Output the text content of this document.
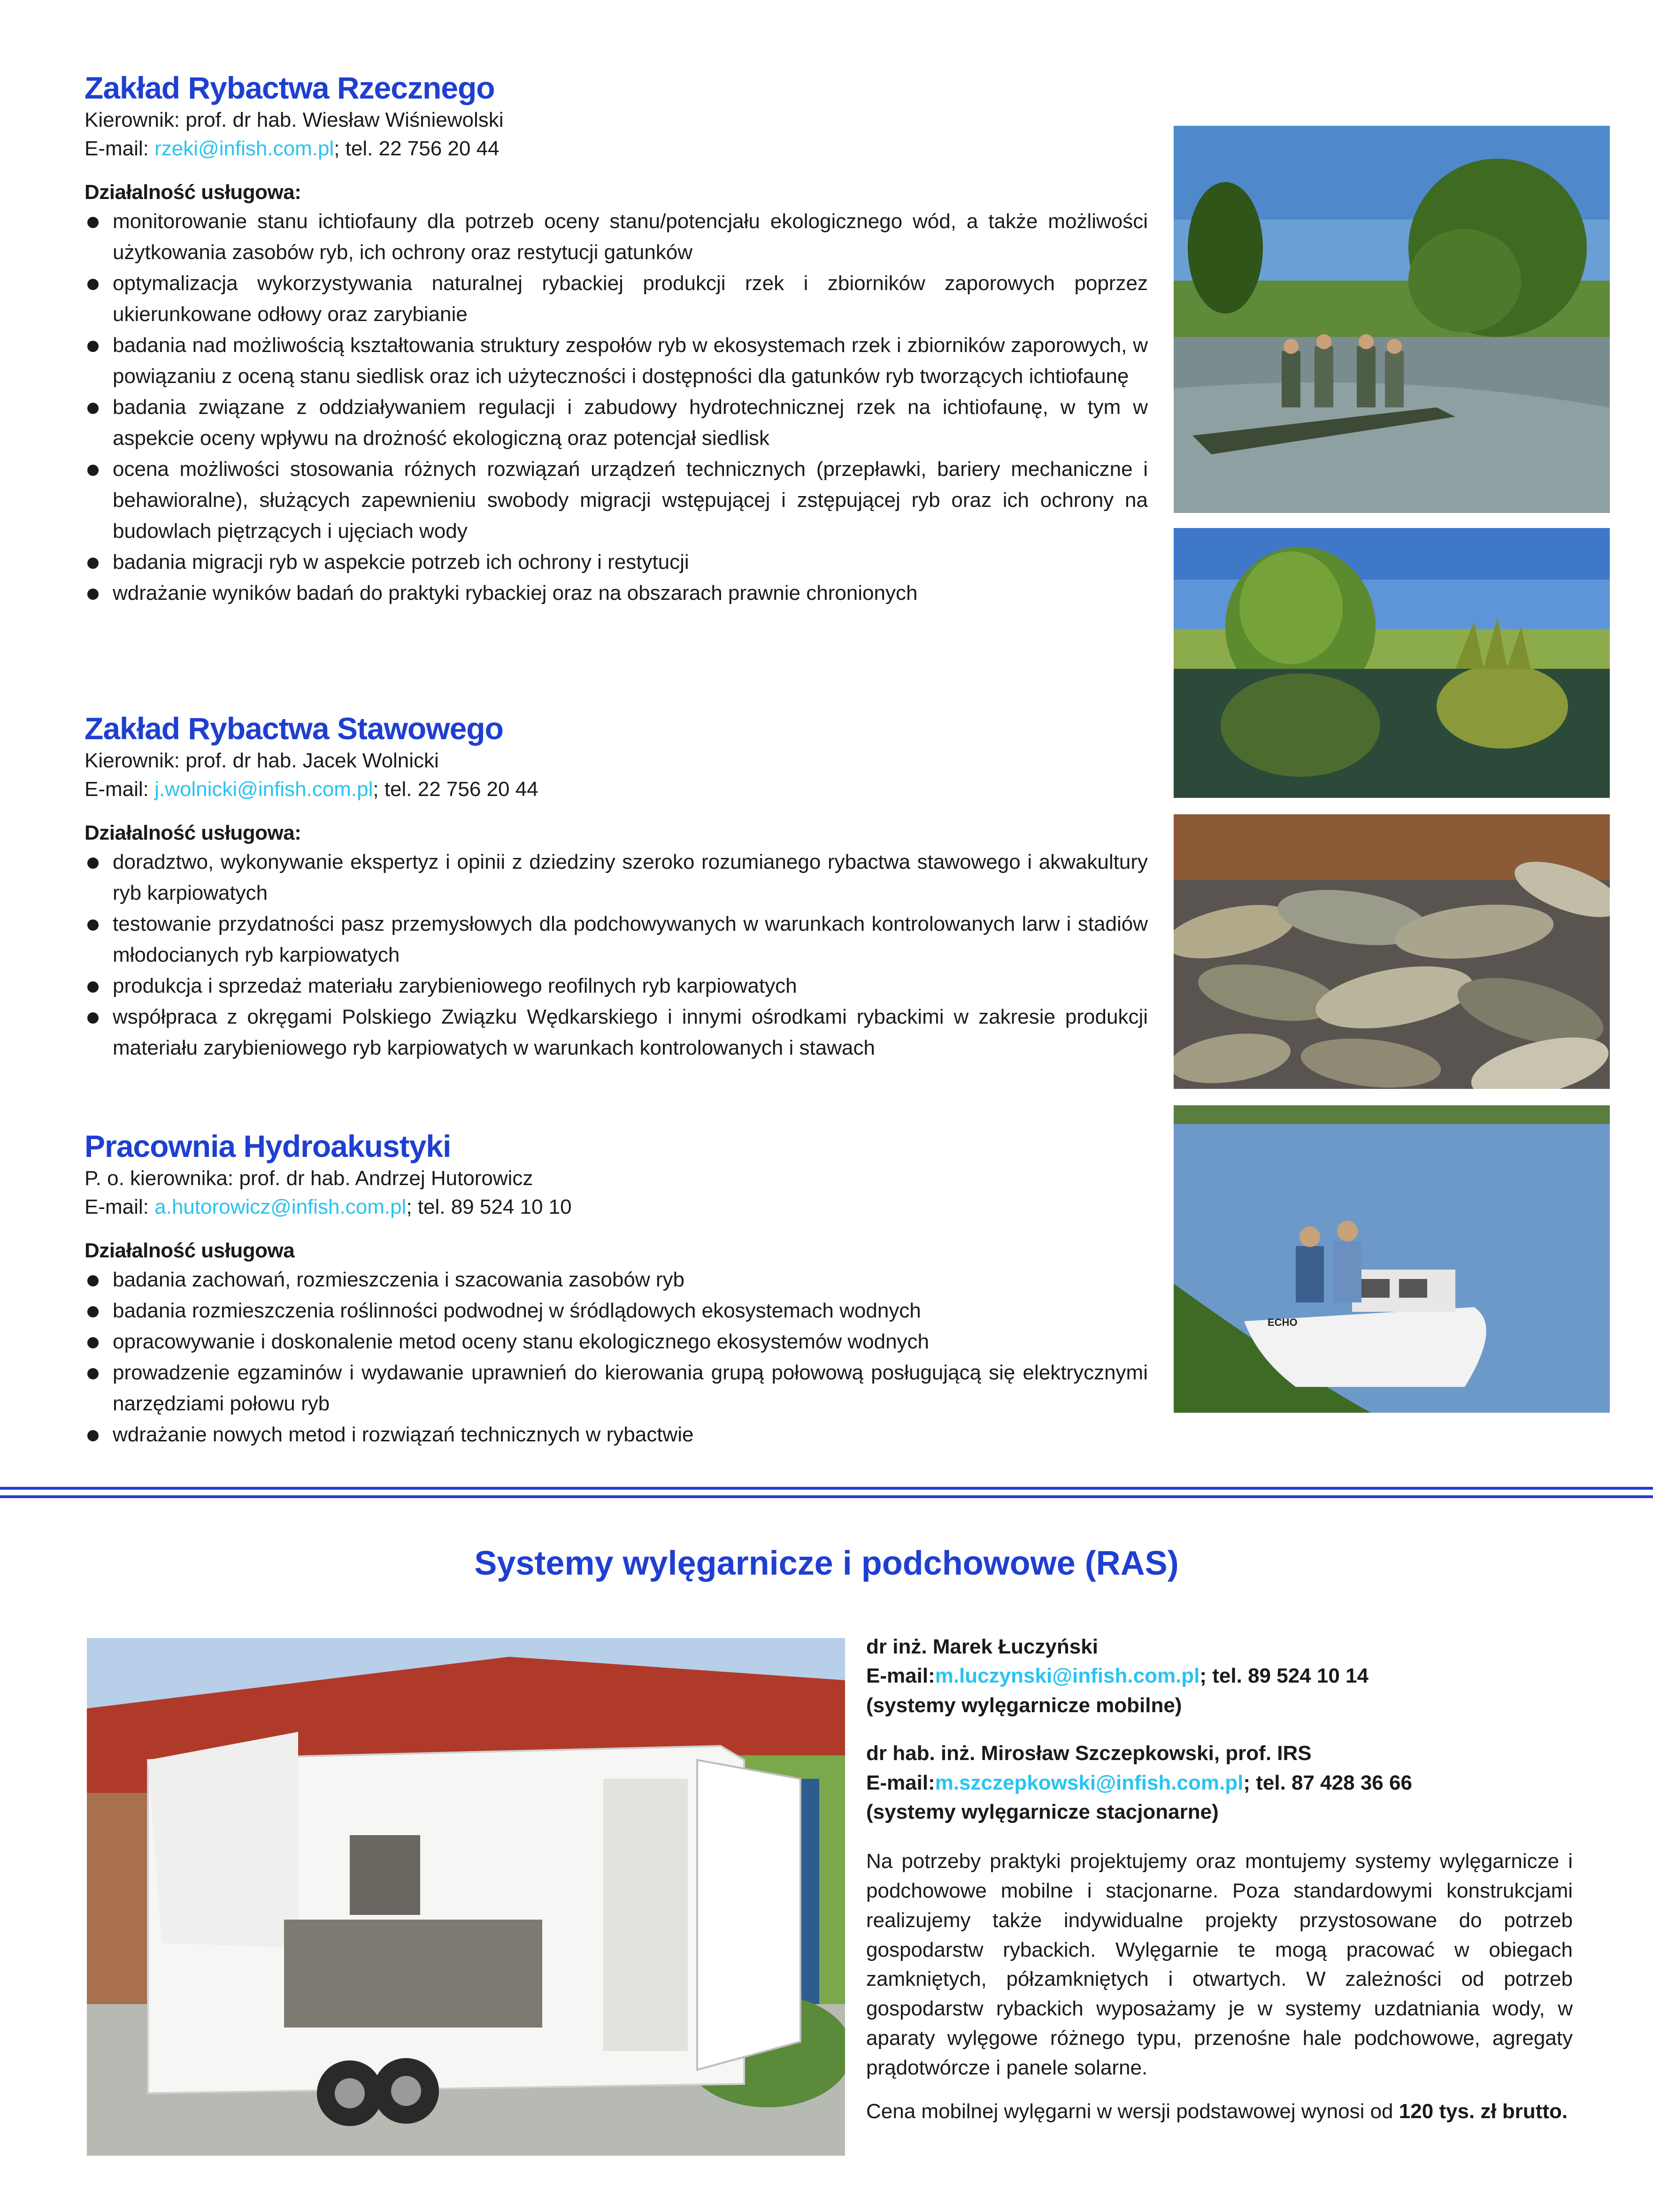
Zakład Rybactwa Rzecznego

Kierownik: prof. dr hab. Wiesław Wiśniewolski

E-mail: rzeki@infish.com.pl; tel. 22 756 20 44

Działalność usługowa:

monitorowanie stanu ichtiofauny dla potrzeb oceny stanu/potencjału ekologicznego wód, a także możliwości użytkowania zasobów ryb, ich ochrony oraz restytucji gatunków
optymalizacja wykorzystywania naturalnej rybackiej produkcji rzek i zbiorników zaporowych poprzez ukierunkowane odłowy oraz zarybianie
badania nad możliwością kształtowania struktury zespołów ryb w ekosystemach rzek i zbiorników zaporowych, w powiązaniu z oceną stanu siedlisk oraz ich użyteczności i dostępności dla gatunków ryb tworzących ichtiofaunę
badania związane z oddziaływaniem regulacji i zabudowy hydrotechnicznej rzek na ichtiofaunę, w tym w aspekcie oceny wpływu na drożność ekologiczną oraz potencjał siedlisk
ocena możliwości stosowania różnych rozwiązań urządzeń technicznych (przepławki, bariery mechaniczne i behawioralne), służących zapewnieniu swobody migracji wstępującej i zstępującej ryb oraz ich ochrony na budowlach piętrzących i ujęciach wody
badania migracji ryb w aspekcie potrzeb ich ochrony i restytucji
wdrażanie wyników badań do praktyki rybackiej oraz na obszarach prawnie chronionych
Zakład Rybactwa Stawowego

Kierownik: prof. dr hab. Jacek Wolnicki

E-mail: j.wolnicki@infish.com.pl; tel. 22 756 20 44

Działalność usługowa:

doradztwo, wykonywanie ekspertyz i opinii z dziedziny szeroko rozumianego rybactwa stawowego i akwakultury ryb karpiowatych
testowanie przydatności pasz przemysłowych dla podchowywanych w warunkach kontrolowanych larw i stadiów młodocianych ryb karpiowatych
produkcja i sprzedaż materiału zarybieniowego reofilnych ryb karpiowatych
współpraca z okręgami Polskiego Związku Wędkarskiego i innymi ośrodkami rybackimi w zakresie produkcji materiału zarybieniowego ryb karpiowatych w warunkach kontrolowanych i stawach
Pracownia Hydroakustyki

P. o. kierownika: prof. dr hab. Andrzej Hutorowicz

E-mail: a.hutorowicz@infish.com.pl; tel. 89 524 10 10

Działalność usługowa

badania zachowań, rozmieszczenia i szacowania zasobów ryb
badania rozmieszczenia roślinności podwodnej w śródlądowych ekosystemach wodnych
opracowywanie i doskonalenie metod oceny stanu ekologicznego ekosystemów wodnych
prowadzenie egzaminów i wydawanie uprawnień do kierowania grupą połowową posługującą się elektrycznymi narzędziami połowu ryb
wdrażanie nowych metod i rozwiązań technicznych w rybactwie
ECHO

Systemy wylęgarnicze i podchowowe (RAS)

dr inż. Marek Łuczyński

E-mail:m.luczynski@infish.com.pl; tel. 89 524 10 14

(systemy wylęgarnicze mobilne)

dr hab. inż. Mirosław Szczepkowski, prof. IRS

E-mail:m.szczepkowski@infish.com.pl; tel. 87 428 36 66

(systemy wylęgarnicze stacjonarne)

Na potrzeby praktyki projektujemy oraz montujemy systemy wylęgarnicze i podchowowe mobilne i stacjonarne. Poza standardowymi konstrukcjami realizujemy także indywidualne projekty przystosowane do potrzeb gospodarstw rybackich. Wylęgarnie te mogą pracować w obiegach zamkniętych, półzamkniętych i otwartych. W zależności od potrzeb gospodarstw rybackich wyposażamy je w systemy uzdatniania wody, w aparaty wylęgowe różnego typu, przenośne hale podchowowe, agregaty prądotwórcze i panele solarne.

Cena mobilnej wylęgarni w wersji podstawowej wynosi od 120 tys. zł brutto.
